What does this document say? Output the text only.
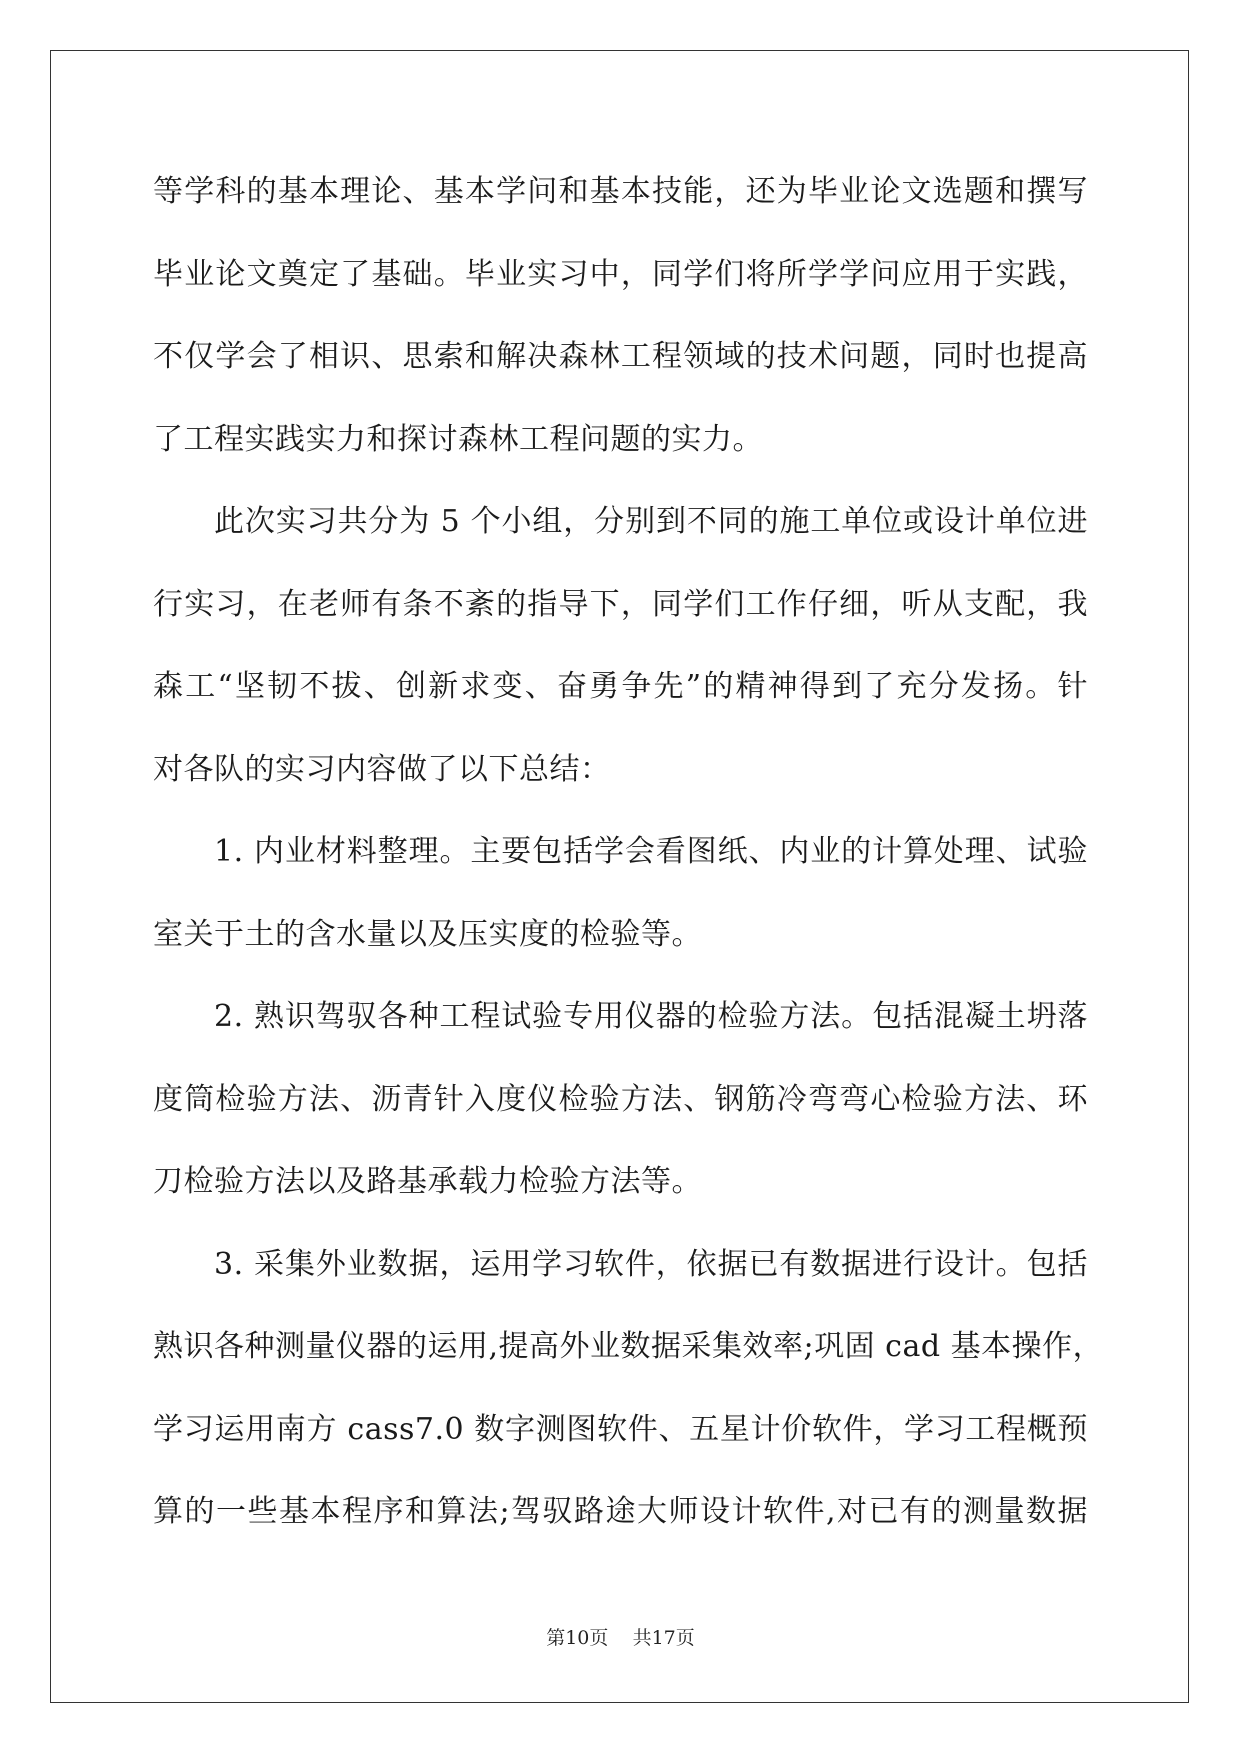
等学科的基本理论、基本学问和基本技能，还为毕业论文选题和撰写
毕业论文奠定了基础。毕业实习中，同学们将所学学问应用于实践，
不仅学会了相识、思索和解决森林工程领域的技术问题，同时也提高
了工程实践实力和探讨森林工程问题的实力。
此次实习共分为 5 个小组，分别到不同的施工单位或设计单位进
行实习，在老师有条不紊的指导下，同学们工作仔细，听从支配，我
森工“坚韧不拔、创新求变、奋勇争先”的精神得到了充分发扬。针
对各队的实习内容做了以下总结：
1. 内业材料整理。主要包括学会看图纸、内业的计算处理、试验
室关于土的含水量以及压实度的检验等。
2. 熟识驾驭各种工程试验专用仪器的检验方法。包括混凝土坍落
度筒检验方法、沥青针入度仪检验方法、钢筋冷弯弯心检验方法、环
刀检验方法以及路基承载力检验方法等。
3. 采集外业数据，运用学习软件，依据已有数据进行设计。包括
熟识各种测量仪器的运用,提高外业数据采集效率;巩固 cad 基本操作，
学习运用南方 cass7.0 数字测图软件、五星计价软件，学习工程概预
算的一些基本程序和算法;驾驭路途大师设计软件,对已有的测量数据
第10页 共17页
